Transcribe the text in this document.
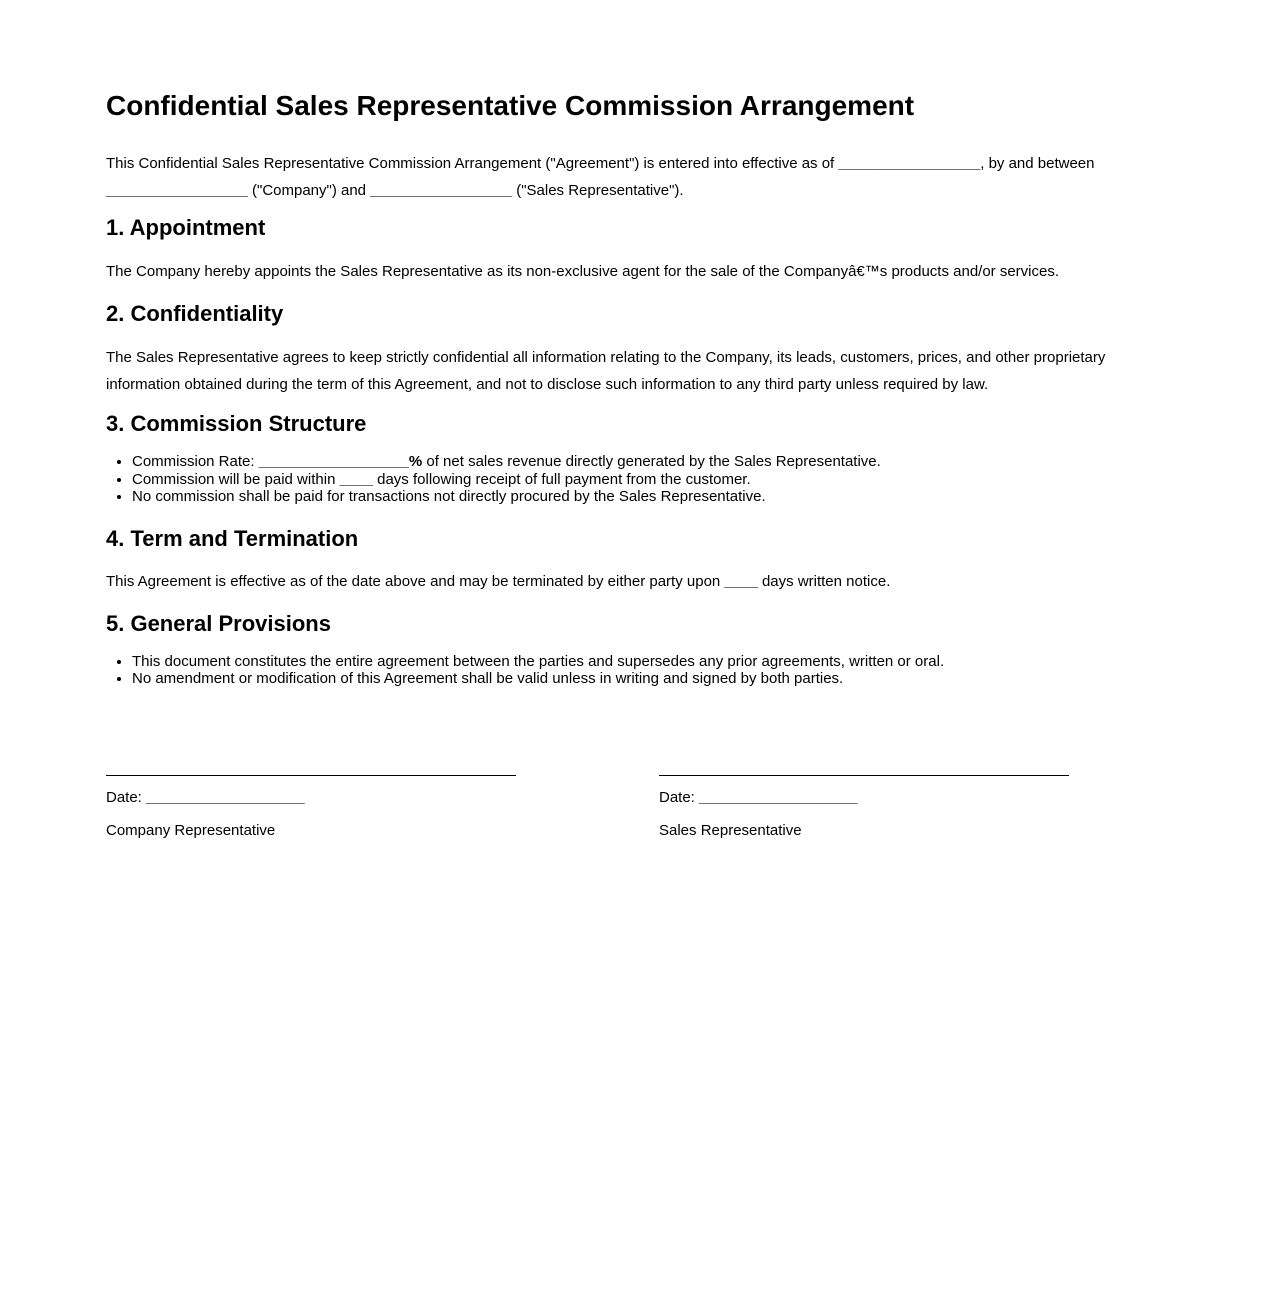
Confidential Sales Representative Commission Arrangement

This Confidential Sales Representative Commission Arrangement ("Agreement") is entered into effective as of _________________, by and between _________________ ("Company") and _________________ ("Sales Representative").

1. Appointment

The Company hereby appoints the Sales Representative as its non-exclusive agent for the sale of the Companyâ€™s products and/or services.

2. Confidentiality

The Sales Representative agrees to keep strictly confidential all information relating to the Company, its leads, customers, prices, and other proprietary information obtained during the term of this Agreement, and not to disclose such information to any third party unless required by law.

3. Commission Structure
• Commission Rate: __________________% of net sales revenue directly generated by the Sales Representative.
• Commission will be paid within ____ days following receipt of full payment from the customer.
• No commission shall be paid for transactions not directly procured by the Sales Representative.
4. Term and Termination

This Agreement is effective as of the date above and may be terminated by either party upon ____ days written notice.

5. General Provisions
• This document constitutes the entire agreement between the parties and supersedes any prior agreements, written or oral.
• No amendment or modification of this Agreement shall be valid unless in writing and signed by both parties.

Date: ___________________

Company Representative

Date: ___________________

Sales Representative
